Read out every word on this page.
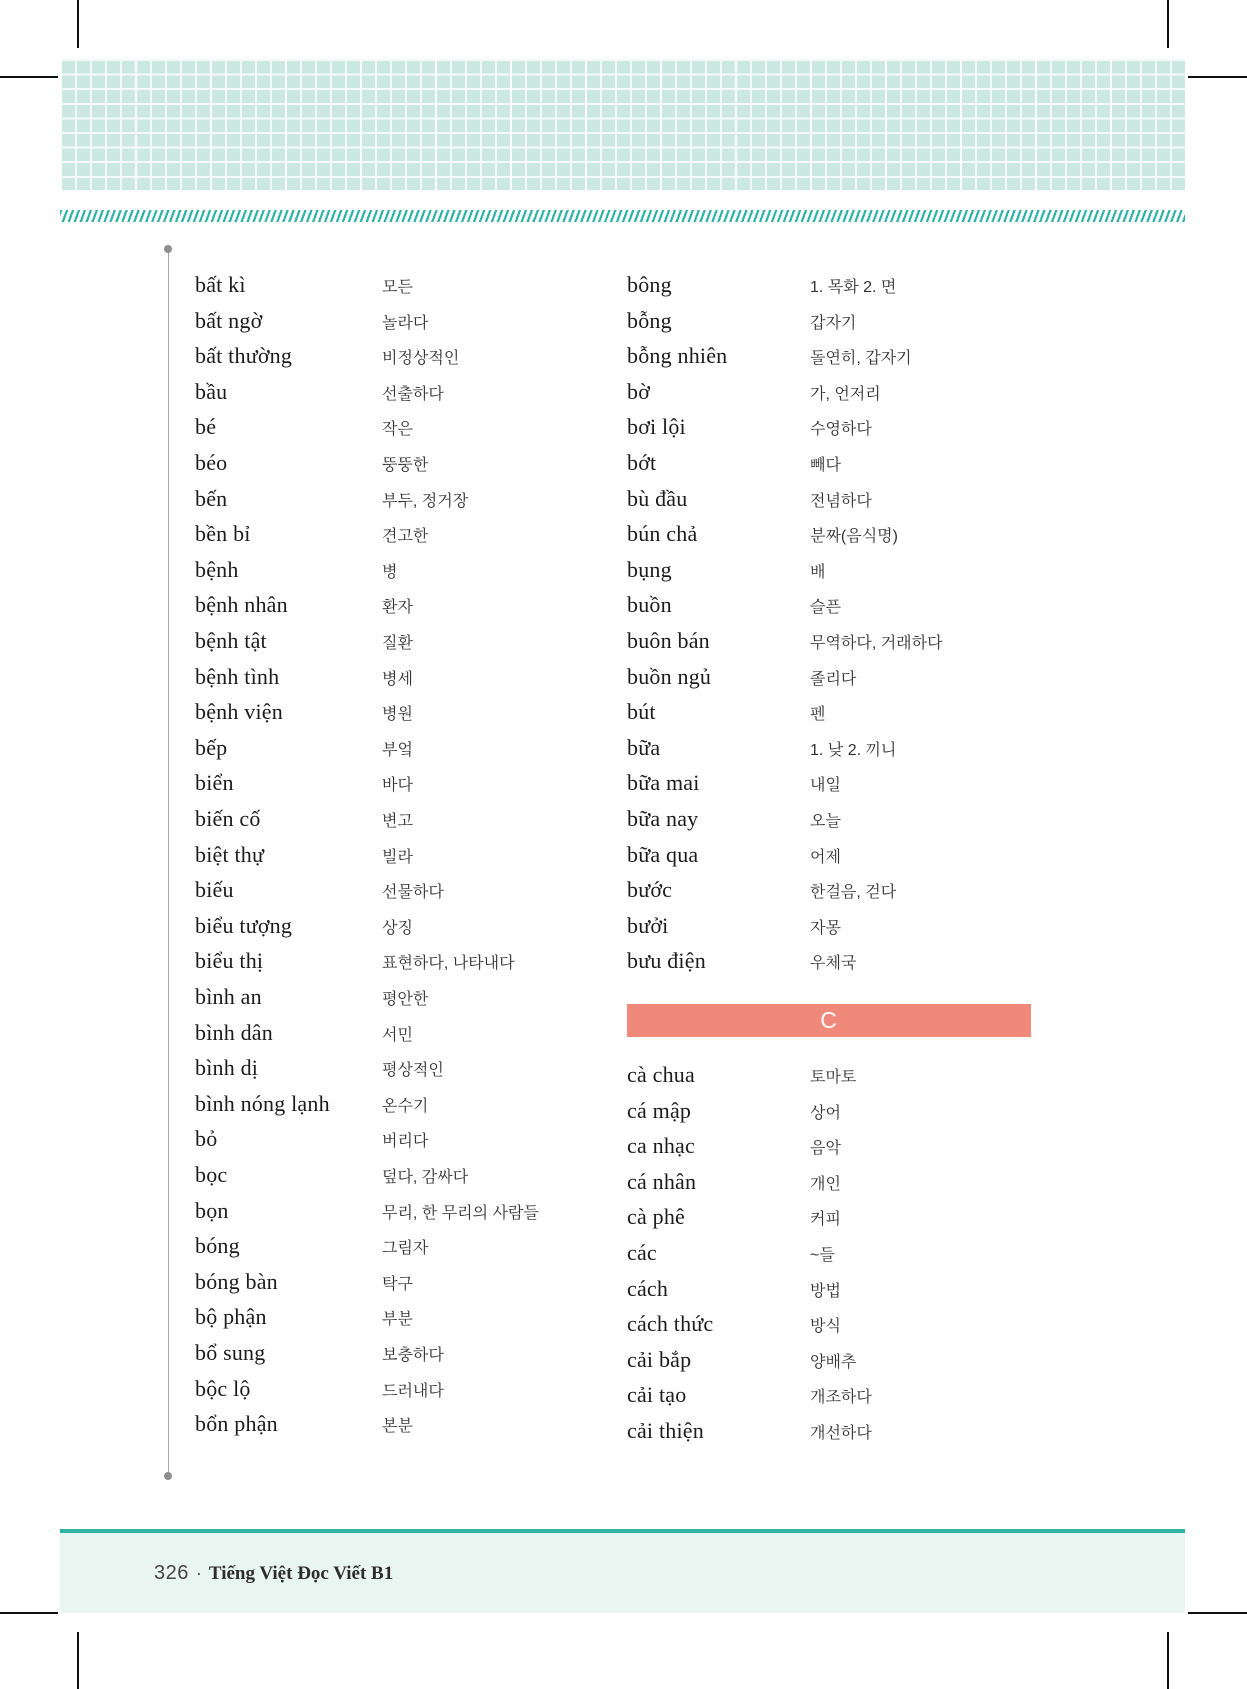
C
326 · Tiếng Việt Đọc Viết B1
bất kì	모든
bất ngờ	놀라다
bất thường	비정상적인
bầu	선출하다
bé	작은
béo	뚱뚱한
bến	부두, 정거장
bền bỉ	견고한
bệnh	병
bệnh nhân	환자
bệnh tật	질환
bệnh tình	병세
bệnh viện	병원
bếp	부엌
biển	바다
biến cố	변고
biệt thự	빌라
biếu	선물하다
biểu tượng	상징
biểu thị	표현하다, 나타내다
bình an	평안한
bình dân	서민
bình dị	평상적인
bình nóng lạnh	온수기
bỏ	버리다
bọc	덮다, 감싸다
bọn	무리, 한 무리의 사람들
bóng	그림자
bóng bàn	탁구
bộ phận	부분
bổ sung	보충하다
bộc lộ	드러내다
bổn phận	본분
bông	1. 목화 2. 면
bỗng	갑자기
bỗng nhiên	돌연히, 갑자기
bờ	가, 언저리
bơi lội	수영하다
bớt	빼다
bù đầu	전념하다
bún chả	분짜(음식명)
bụng	배
buồn	슬픈
buôn bán	무역하다, 거래하다
buồn ngủ	졸리다
bút	펜
bữa	1. 낮 2. 끼니
bữa mai	내일
bữa nay	오늘
bữa qua	어제
bước	한걸음, 걷다
bưởi	자몽
bưu điện	우체국
cà chua	토마토
cá mập	상어
ca nhạc	음악
cá nhân	개인
cà phê	커피
các	~들
cách	방법
cách thức	방식
cải bắp	양배추
cải tạo	개조하다
cải thiện	개선하다
